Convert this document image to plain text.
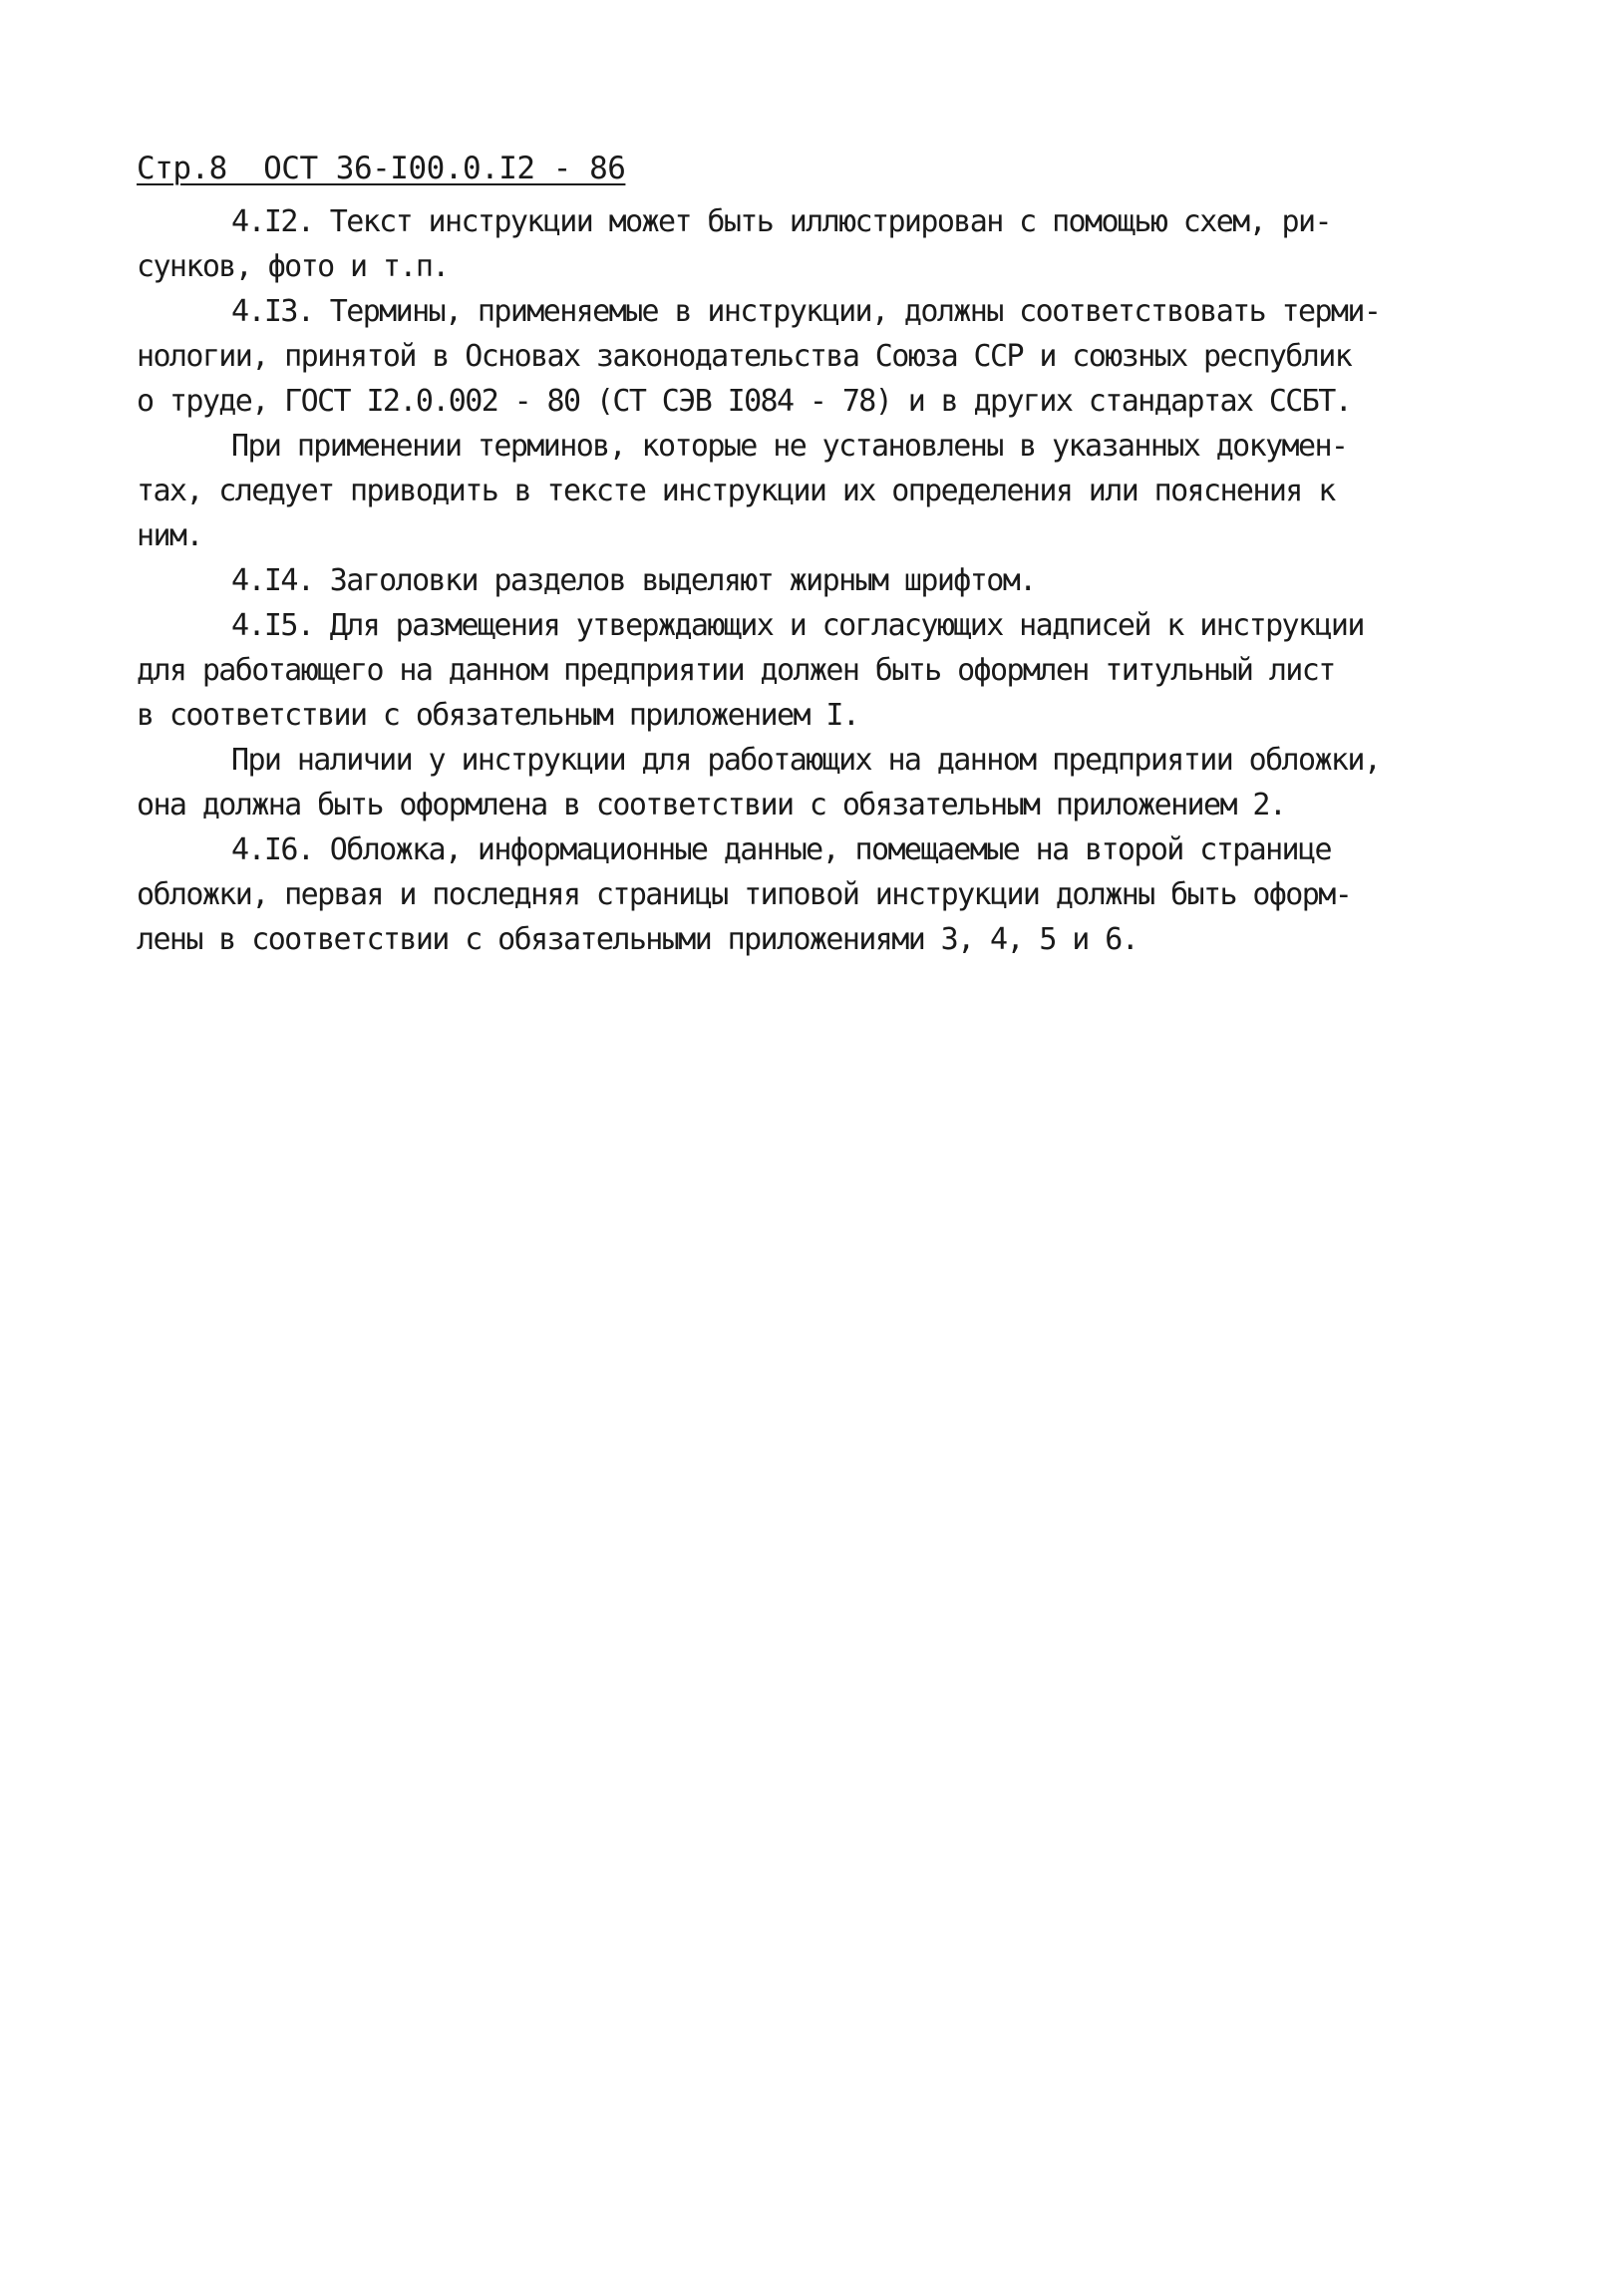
Стр.8  ОСТ 36-I00.0.I2 - 86
4.I2. Текст инструкции может быть иллюстрирован с помощью схем, ри-
сунков, фото и т.п.
4.I3. Термины, применяемые в инструкции, должны соответствовать терми-
нологии, принятой в Основах законодательства Союза ССР и союзных республик
о труде, ГОСТ I2.0.002 - 80 (СТ СЭВ I084 - 78) и в других стандартах ССБТ.
При применении терминов, которые не установлены в указанных докумен-
тах, следует приводить в тексте инструкции их определения или пояснения к
ним.
4.I4. Заголовки разделов выделяют жирным шрифтом.
4.I5. Для размещения утверждающих и согласующих надписей к инструкции
для работающего на данном предприятии должен быть оформлен титульный лист
в соответствии с обязательным приложением I.
При наличии у инструкции для работающих на данном предприятии обложки,
она должна быть оформлена в соответствии с обязательным приложением 2.
4.I6. Обложка, информационные данные, помещаемые на второй странице
обложки, первая и последняя страницы типовой инструкции должны быть оформ-
лены в соответствии с обязательными приложениями 3, 4, 5 и 6.
